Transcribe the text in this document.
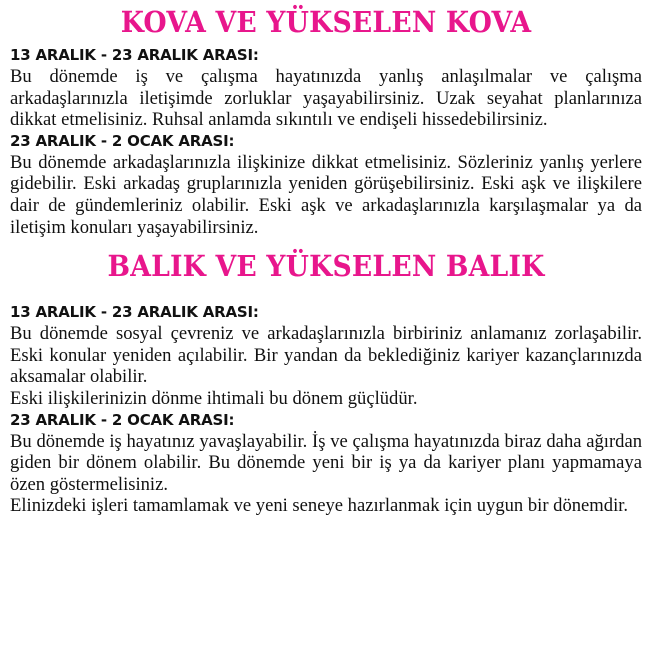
KOVA VE YÜKSELEN KOVA
13 ARALIK - 23 ARALIK ARASI:

Bu dönemde iş ve çalışma hayatınızda yanlış anlaşılmalar ve çalışma arkadaşlarınızla iletişimde zorluklar yaşayabilirsiniz. Uzak seyahat planlarınıza dikkat etmelisiniz. Ruhsal anlamda sıkıntılı ve endişeli hissedebilirsiniz.

23 ARALIK - 2 OCAK ARASI:

Bu dönemde arkadaşlarınızla ilişkinize dikkat etmelisiniz. Sözleriniz yanlış yerlere gidebilir. Eski arkadaş gruplarınızla yeniden görüşebilirsiniz. Eski aşk ve ilişkilere dair de gündemleriniz olabilir. Eski aşk ve arkadaşlarınızla karşılaşmalar ya da iletişim konuları yaşayabilirsiniz.

BALIK VE YÜKSELEN BALIK
13 ARALIK - 23 ARALIK ARASI:

Bu dönemde sosyal çevreniz ve arkadaşlarınızla birbiriniz anlamanız zorlaşabilir. Eski konular yeniden açılabilir. Bir yandan da beklediğiniz kariyer kazançlarınızda aksamalar olabilir.

Eski ilişkilerinizin dönme ihtimali bu dönem güçlüdür.

23 ARALIK - 2 OCAK ARASI:

Bu dönemde iş hayatınız yavaşlayabilir. İş ve çalışma hayatınızda biraz daha ağırdan giden bir dönem olabilir. Bu dönemde yeni bir iş ya da kariyer planı yapmamaya özen göstermelisiniz.

Elinizdeki işleri tamamlamak ve yeni seneye hazırlanmak için uygun bir dönemdir.
